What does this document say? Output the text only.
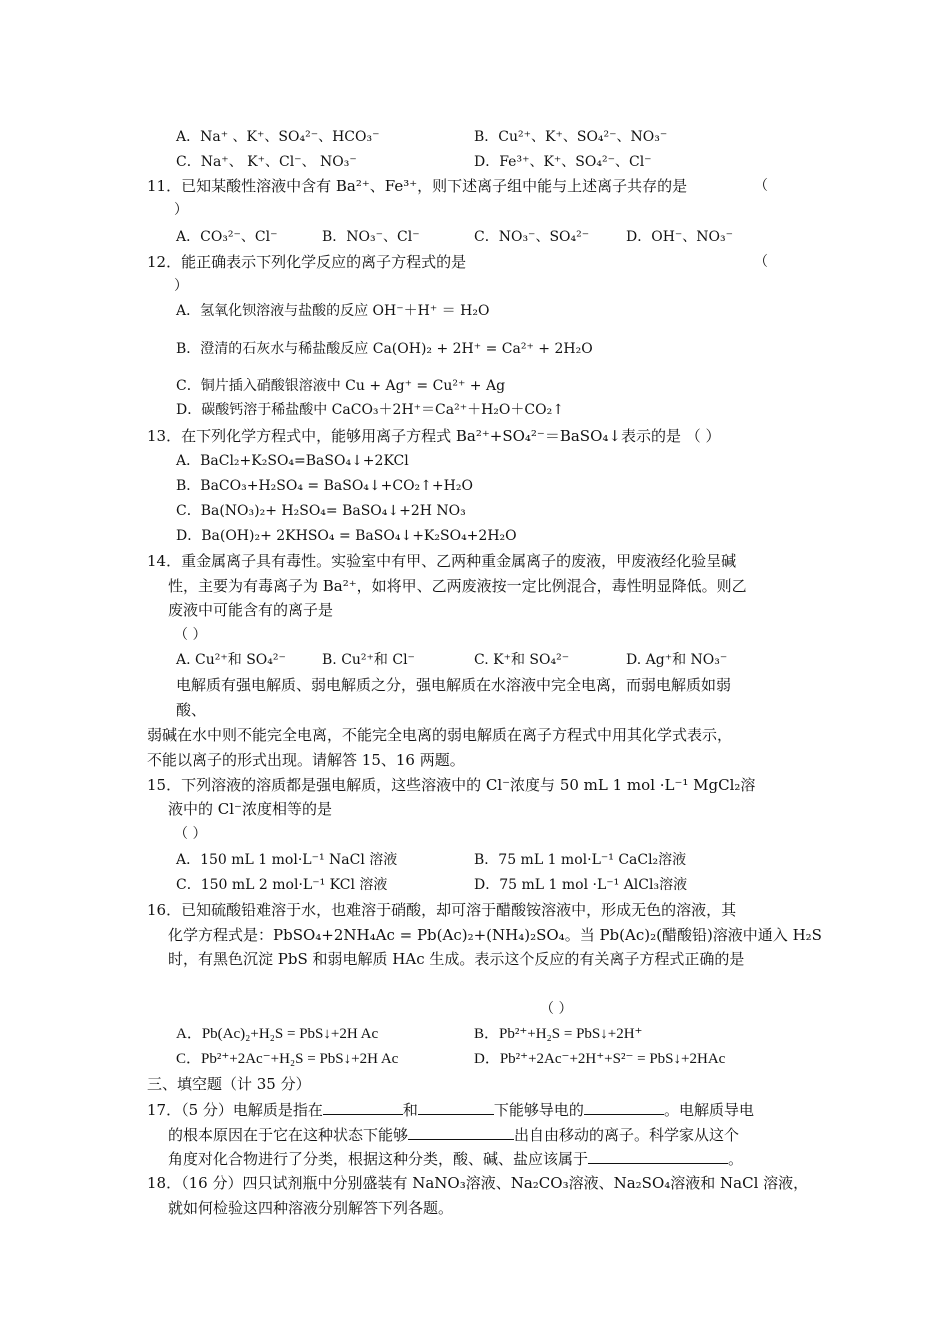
A．Na⁺ 、K⁺、SO₄²⁻、HCO₃⁻	B．Cu²⁺、K⁺、SO₄²⁻、NO₃⁻
C．Na⁺、 K⁺、Cl⁻、 NO₃⁻	D．Fe³⁺、K⁺、SO₄²⁻、Cl⁻
11．已知某酸性溶液中含有 Ba²⁺、Fe³⁺，则下述离子组中能与上述离子共存的是	（
）
A．CO₃²⁻、Cl⁻	B．NO₃⁻、Cl⁻	C．NO₃⁻、SO₄²⁻	D．OH⁻、NO₃⁻
12．能正确表示下列化学反应的离子方程式的是	（
）
A．氢氧化钡溶液与盐酸的反应 OH⁻＋H⁺ ＝ H₂O
B．澄清的石灰水与稀盐酸反应 Ca(OH)₂ + 2H⁺ = Ca²⁺ + 2H₂O
C．铜片插入硝酸银溶液中 Cu + Ag⁺ = Cu²⁺ + Ag
D．碳酸钙溶于稀盐酸中 CaCO₃＋2H⁺＝Ca²⁺＋H₂O＋CO₂↑
13．在下列化学方程式中，能够用离子方程式 Ba²⁺+SO₄²⁻＝BaSO₄↓表示的是 （ ）
A．BaCl₂+K₂SO₄=BaSO₄↓+2KCl
B．BaCO₃+H₂SO₄ = BaSO₄↓+CO₂↑+H₂O
C．Ba(NO₃)₂+ H₂SO₄= BaSO₄↓+2H NO₃
D．Ba(OH)₂+ 2KHSO₄ = BaSO₄↓+K₂SO₄+2H₂O
14．重金属离子具有毒性。实验室中有甲、乙两种重金属离子的废液，甲废液经化验呈碱
性，主要为有毒离子为 Ba²⁺，如将甲、乙两废液按一定比例混合，毒性明显降低。则乙
废液中可能含有的离子是
（ ）
A. Cu²⁺和 SO₄²⁻	B. Cu²⁺和 Cl⁻	C. K⁺和 SO₄²⁻	D. Ag⁺和 NO₃⁻
电解质有强电解质、弱电解质之分，强电解质在水溶液中完全电离，而弱电解质如弱
酸、
弱碱在水中则不能完全电离，不能完全电离的弱电解质在离子方程式中用其化学式表示，
不能以离子的形式出现。请解答 15、16 两题。
15．下列溶液的溶质都是强电解质，这些溶液中的 Cl⁻浓度与 50 mL 1 mol ·L⁻¹ MgCl₂溶
液中的 Cl⁻浓度相等的是
（ ）
A．150 mL 1 mol·L⁻¹ NaCl 溶液	B．75 mL 1 mol·L⁻¹ CaCl₂溶液
C．150 mL 2 mol·L⁻¹ KCl 溶液	D．75 mL 1 mol ·L⁻¹ AlCl₃溶液
16．已知硫酸铅难溶于水，也难溶于硝酸，却可溶于醋酸铵溶液中，形成无色的溶液，其
化学方程式是：PbSO₄+2NH₄Ac = Pb(Ac)₂+(NH₄)₂SO₄。当 Pb(Ac)₂(醋酸铅)溶液中通入 H₂S
时，有黑色沉淀 PbS 和弱电解质 HAc 生成。表示这个反应的有关离子方程式正确的是
（ ）
A．Pb(Ac)₂+H₂S = PbS↓+2H Ac	B．Pb²⁺+H₂S = PbS↓+2H⁺
C．Pb²⁺+2Ac⁻+H₂S = PbS↓+2H Ac	D．Pb²⁺+2Ac⁻+2H⁺+S²⁻ = PbS↓+2HAc
三、填空题（计 35 分）
17．（5 分）电解质是指在	和	下能够导电的	。电解质导电
的根本原因在于它在这种状态下能够	出自由移动的离子。科学家从这个
角度对化合物进行了分类，根据这种分类，酸、碱、盐应该属于	。
18．（16 分）四只试剂瓶中分别盛装有 NaNO₃溶液、Na₂CO₃溶液、Na₂SO₄溶液和 NaCl 溶液，
就如何检验这四种溶液分别解答下列各题。
